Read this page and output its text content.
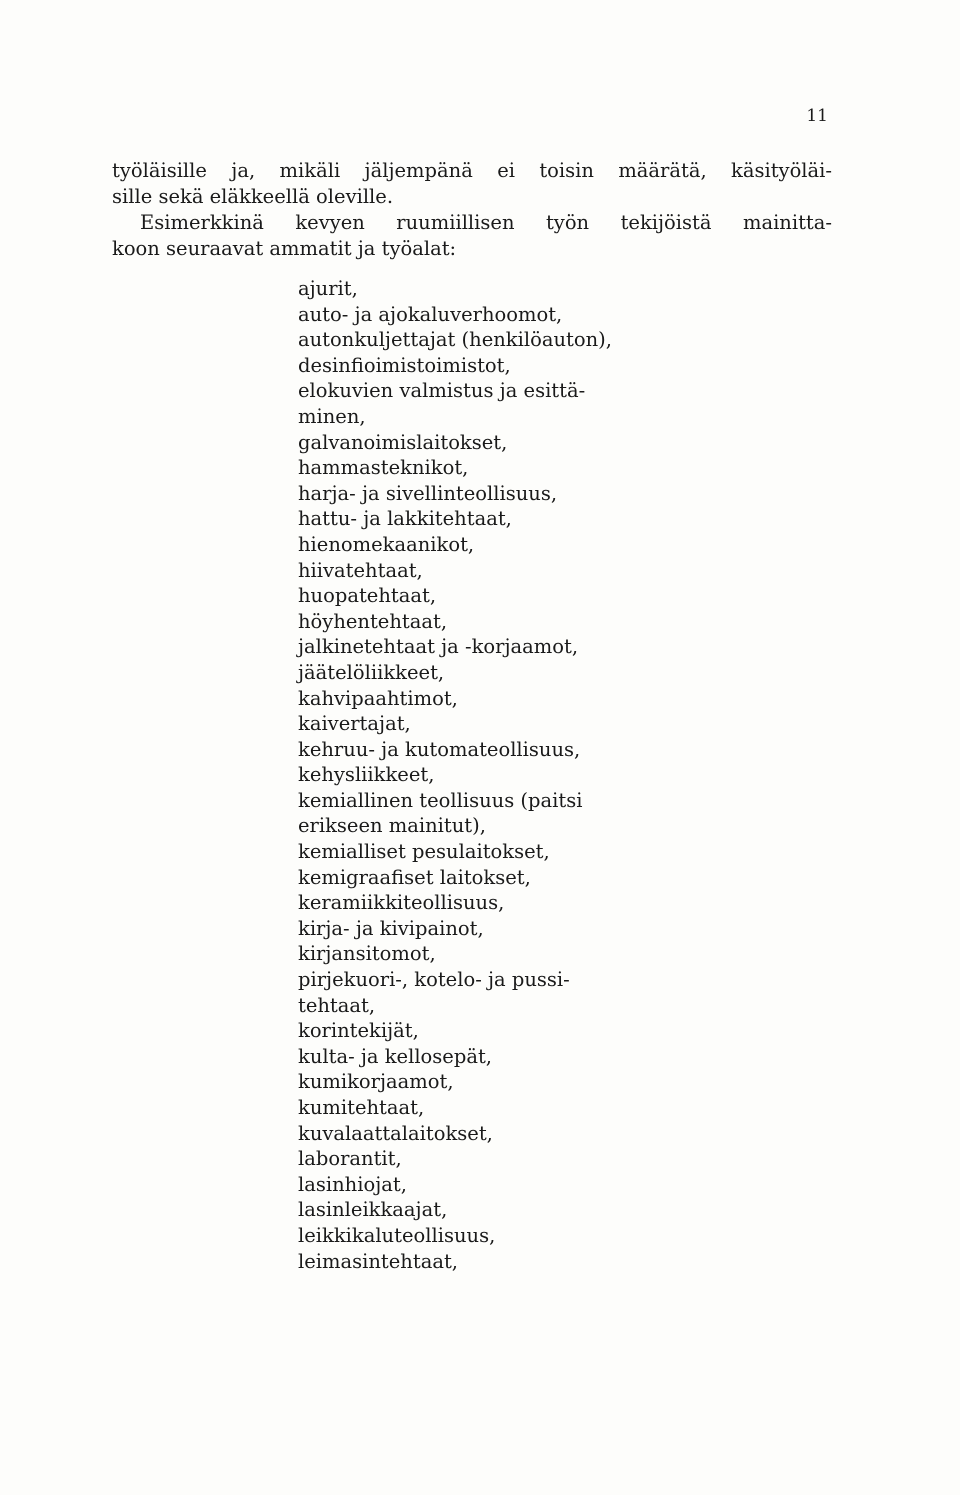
11
työläisille ja, mikäli jäljempänä ei toisin määrätä, käsityöläi-
sille sekä eläkkeellä oleville.
Esimerkkinä kevyen ruumiillisen työn tekijöistä mainitta-
koon seuraavat ammatit ja työalat:
ajurit,
auto- ja ajokaluverhoomot,
autonkuljettajat (henkilöauton),
desinfioimistoimistot,
elokuvien valmistus ja esittä-
minen,
galvanoimislaitokset,
hammasteknikot,
harja- ja sivellinteollisuus,
hattu- ja lakkitehtaat,
hienomekaanikot,
hiivatehtaat,
huopatehtaat,
höyhentehtaat,
jalkinetehtaat ja -korjaamot,
jäätelöliikkeet,
kahvipaahtimot,
kaivertajat,
kehruu- ja kutomateollisuus,
kehysliikkeet,
kemiallinen teollisuus (paitsi
erikseen mainitut),
kemialliset pesulaitokset,
kemigraafiset laitokset,
keramiikkiteollisuus,
kirja- ja kivipainot,
kirjansitomot,
pirjekuori-, kotelo- ja pussi-
tehtaat,
korintekijät,
kulta- ja kellosepät,
kumikorjaamot,
kumitehtaat,
kuvalaattalaitokset,
laborantit,
lasinhiojat,
lasinleikkaajat,
leikkikaluteollisuus,
leimasintehtaat,
